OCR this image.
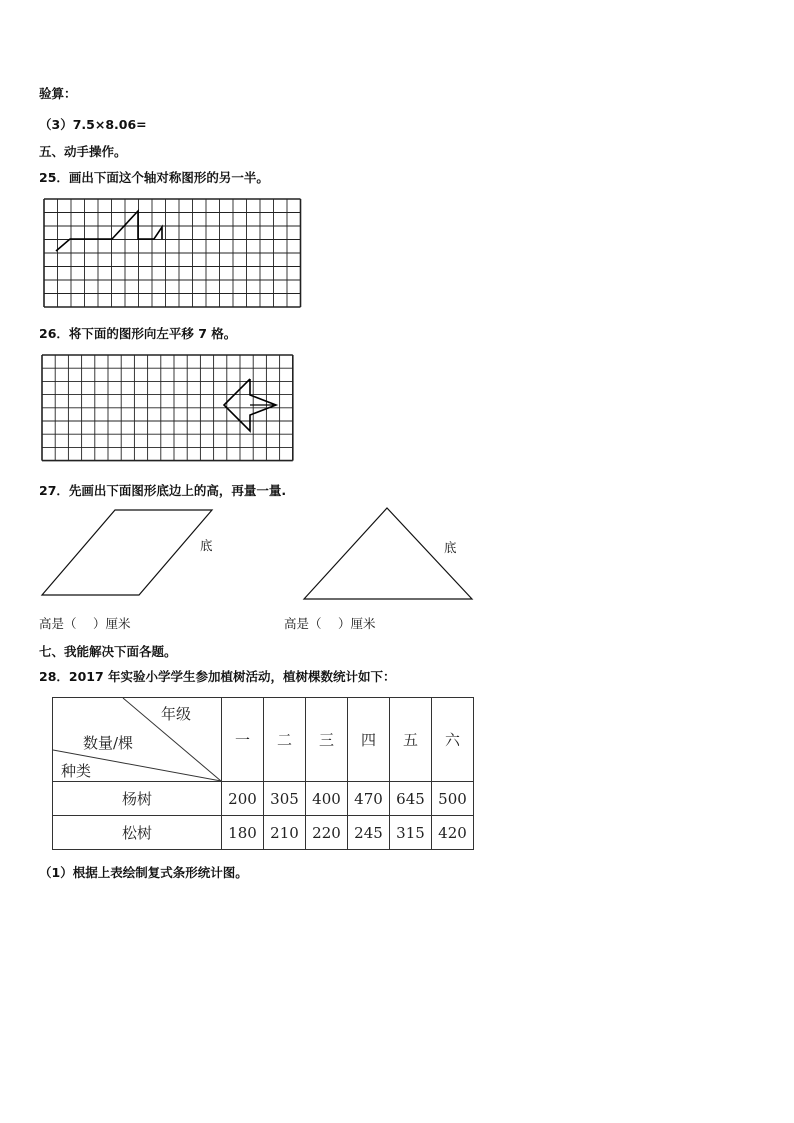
验算：
（3）7.5×8.06=
五、动手操作。
25．画出下面这个轴对称图形的另一半。
26．将下面的图形向左平移 7 格。
27．先画出下面图形底边上的高，再量一量.
底	底
高是（　 ）厘米	高是（　 ）厘米
七、我能解决下面各题。
28．2017 年实验小学学生参加植树活动，植树棵数统计如下：
年级
数量/棵
种类	一	二	三	四	五	六
杨树	200	305	400	470	645	500
松树	180	210	220	245	315	420
（1）根据上表绘制复式条形统计图。
